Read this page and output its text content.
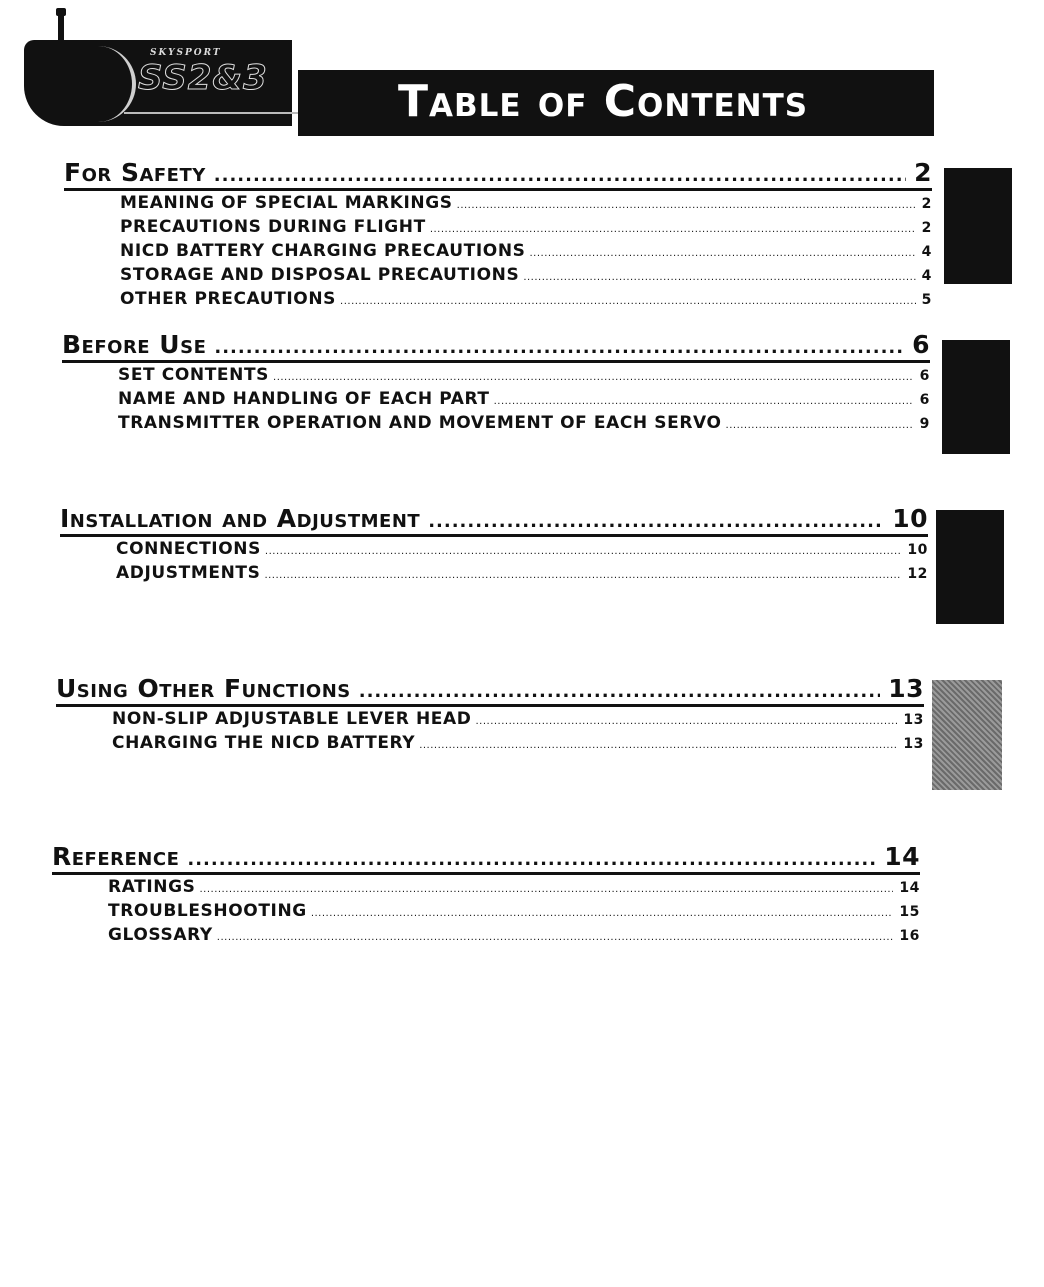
SKYSPORT
SS2&3	Table of Contents
For Safety .....	2
MEANING OF SPECIAL MARKINGS .....	2
PRECAUTIONS DURING FLIGHT .....	2
NICD BATTERY CHARGING PRECAUTIONS .....	4
STORAGE AND DISPOSAL PRECAUTIONS .....	4
OTHER PRECAUTIONS .....	5
Before Use .....	6
SET CONTENTS .....	6
NAME AND HANDLING OF EACH PART .....	6
TRANSMITTER OPERATION AND MOVEMENT OF EACH SERVO .....	9
Installation and Adjustment .....	10
CONNECTIONS .....	10
ADJUSTMENTS .....	12
Using Other Functions .....	13
NON-SLIP ADJUSTABLE LEVER HEAD .....	13
CHARGING THE NICD BATTERY .....	13
Reference .....	14
RATINGS .....	14
TROUBLESHOOTING .....	15
GLOSSARY .....	16
